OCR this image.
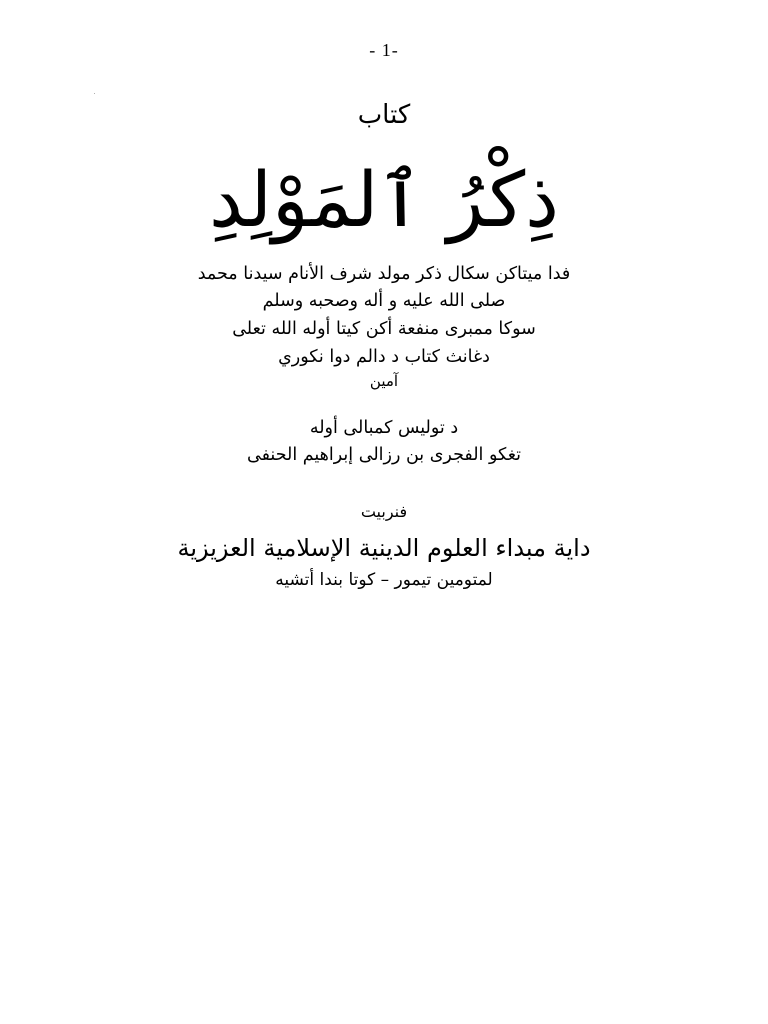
- 1-
كتاب
ذِكْرُ ٱلمَوْلِدِ
فدا ميتاكن سكال ذكر مولد شرف الأنام سيدنا محمد
صلى الله عليه و أله وصحبه وسلم
سوكا ممبرى منفعة أكن كيتا أوله الله تعلى
دغانث كتاب د دالم دوا نكوري
آمين
د توليس كمبالى أوله
تغكو الفجرى بن رزالى إبراهيم الحنفى
فنربيت
داية مبداء العلوم الدينية الإسلامية العزيزية
لمتومين تيمور – كوتا بندا أتشيه
